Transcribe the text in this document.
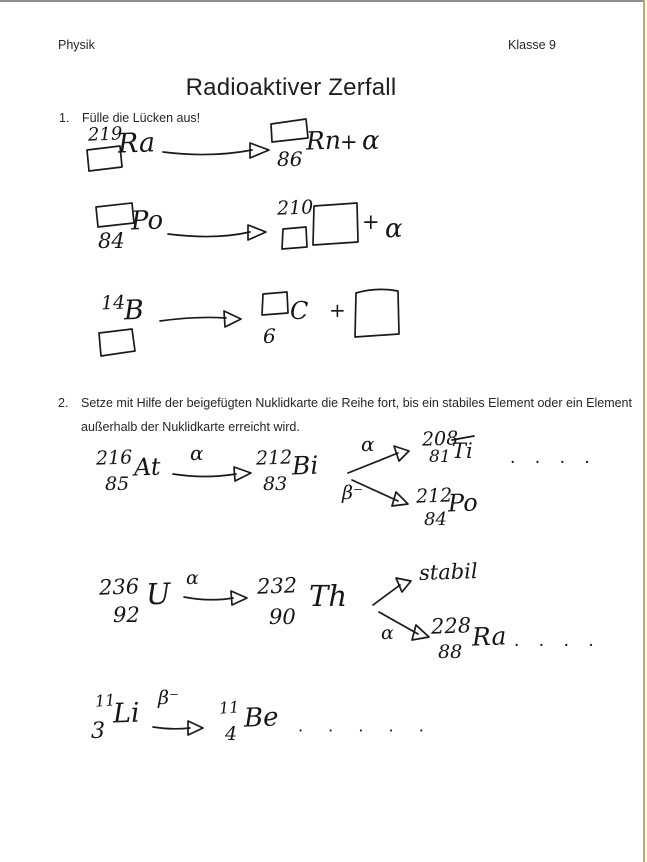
Physik	Klasse 9
Radioaktiver Zerfall
1. Fülle die Lücken aus!
2. Setze mit Hilfe der beigefügten Nuklidkarte die Reihe fort, bis ein stabiles Element oder ein Element
außerhalb der Nuklidkarte erreicht wird.
219
Ra	86
Rn
+ α
84
Po	210
+ α
14
B
6
C +
216
85
At α	212
83
Bi
α 208
81 Ti · · · ·
β⁻	212
84
Po
236
92
U α	232
90
Th
stabil
α 228
88
Ra · · · ·
11
3
Li β⁻ 11
4
Be · · · · ·
